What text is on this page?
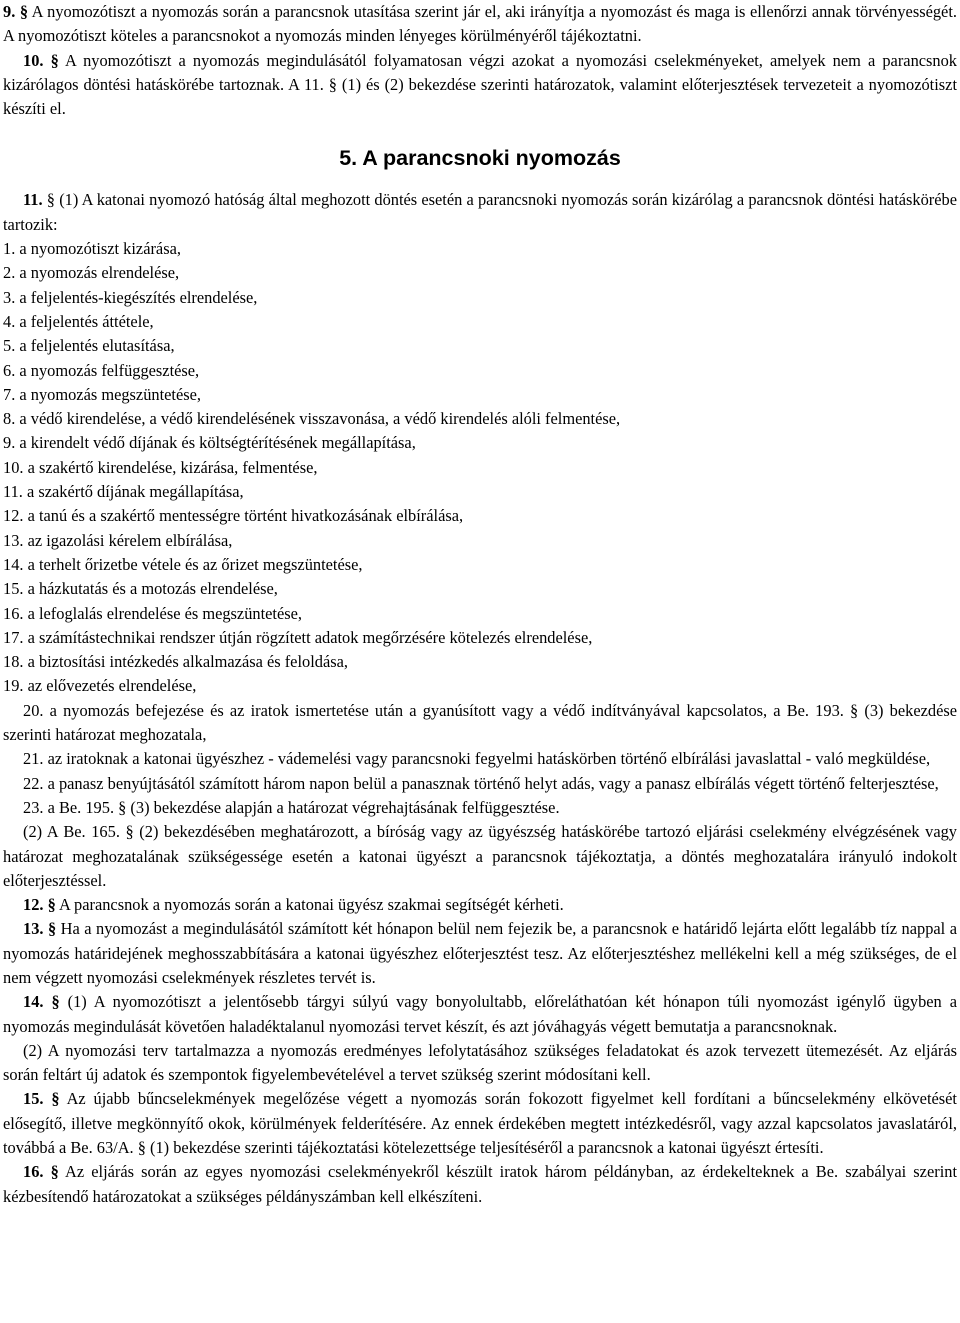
9. § A nyomozótiszt a nyomozás során a parancsnok utasítása szerint jár el, aki irányítja a nyomozást és maga is ellenőrzi annak törvényességét. A nyomozótiszt köteles a parancsnokot a nyomozás minden lényeges körülményéről tájékoztatni.

10. § A nyomozótiszt a nyomozás megindulásától folyamatosan végzi azokat a nyomozási cselekményeket, amelyek nem a parancsnok kizárólagos döntési hatáskörébe tartoznak. A 11. § (1) és (2) bekezdése szerinti határozatok, valamint előterjesztések tervezeteit a nyomozótiszt készíti el.

5. A parancsnoki nyomozás

11. § (1) A katonai nyomozó hatóság által meghozott döntés esetén a parancsnoki nyomozás során kizárólag a parancsnok döntési hatáskörébe tartozik:

1. a nyomozótiszt kizárása,

2. a nyomozás elrendelése,

3. a feljelentés-kiegészítés elrendelése,

4. a feljelentés áttétele,

5. a feljelentés elutasítása,

6. a nyomozás felfüggesztése,

7. a nyomozás megszüntetése,

8. a védő kirendelése, a védő kirendelésének visszavonása, a védő kirendelés alóli felmentése,

9. a kirendelt védő díjának és költségtérítésének megállapítása,

10. a szakértő kirendelése, kizárása, felmentése,

11. a szakértő díjának megállapítása,

12. a tanú és a szakértő mentességre történt hivatkozásának elbírálása,

13. az igazolási kérelem elbírálása,

14. a terhelt őrizetbe vétele és az őrizet megszüntetése,

15. a házkutatás és a motozás elrendelése,

16. a lefoglalás elrendelése és megszüntetése,

17. a számítástechnikai rendszer útján rögzített adatok megőrzésére kötelezés elrendelése,

18. a biztosítási intézkedés alkalmazása és feloldása,

19. az elővezetés elrendelése,

20. a nyomozás befejezése és az iratok ismertetése után a gyanúsított vagy a védő indítványával kapcsolatos, a Be. 193. § (3) bekezdése szerinti határozat meghozatala,

21. az iratoknak a katonai ügyészhez - vádemelési vagy parancsnoki fegyelmi hatáskörben történő elbírálási javaslattal - való megküldése,

22. a panasz benyújtásától számított három napon belül a panasznak történő helyt adás, vagy a panasz elbírálás végett történő felterjesztése,

23. a Be. 195. § (3) bekezdése alapján a határozat végrehajtásának felfüggesztése.

(2) A Be. 165. § (2) bekezdésében meghatározott, a bíróság vagy az ügyészség hatáskörébe tartozó eljárási cselekmény elvégzésének vagy határozat meghozatalának szükségessége esetén a katonai ügyészt a parancsnok tájékoztatja, a döntés meghozatalára irányuló indokolt előterjesztéssel.

12. § A parancsnok a nyomozás során a katonai ügyész szakmai segítségét kérheti.

13. § Ha a nyomozást a megindulásától számított két hónapon belül nem fejezik be, a parancsnok e határidő lejárta előtt legalább tíz nappal a nyomozás határidejének meghosszabbítására a katonai ügyészhez előterjesztést tesz. Az előterjesztéshez mellékelni kell a még szükséges, de el nem végzett nyomozási cselekmények részletes tervét is.

14. § (1) A nyomozótiszt a jelentősebb tárgyi súlyú vagy bonyolultabb, előreláthatóan két hónapon túli nyomozást igénylő ügyben a nyomozás megindulását követően haladéktalanul nyomozási tervet készít, és azt jóváhagyás végett bemutatja a parancsnoknak.

(2) A nyomozási terv tartalmazza a nyomozás eredményes lefolytatásához szükséges feladatokat és azok tervezett ütemezését. Az eljárás során feltárt új adatok és szempontok figyelembevételével a tervet szükség szerint módosítani kell.

15. § Az újabb bűncselekmények megelőzése végett a nyomozás során fokozott figyelmet kell fordítani a bűncselekmény elkövetését elősegítő, illetve megkönnyítő okok, körülmények felderítésére. Az ennek érdekében megtett intézkedésről, vagy azzal kapcsolatos javaslatáról, továbbá a Be. 63/A. § (1) bekezdése szerinti tájékoztatási kötelezettsége teljesítéséről a parancsnok a katonai ügyészt értesíti.

16. § Az eljárás során az egyes nyomozási cselekményekről készült iratok három példányban, az érdekelteknek a Be. szabályai szerint kézbesítendő határozatokat a szükséges példányszámban kell elkészíteni.
